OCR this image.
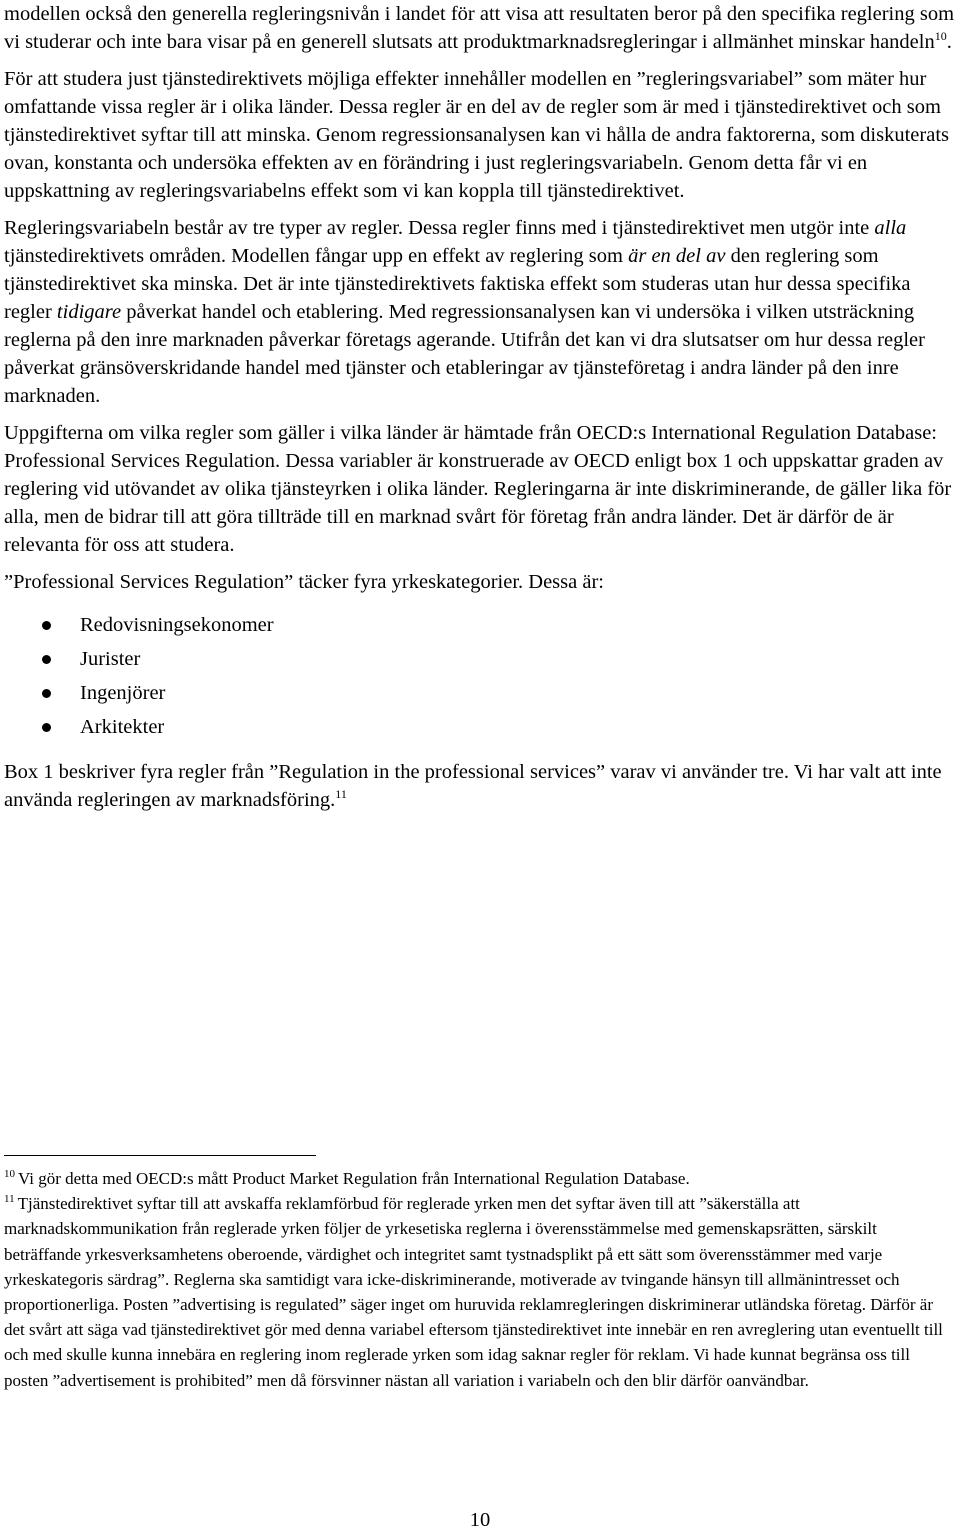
modellen också den generella regleringsnivån i landet för att visa att resultaten beror på den specifika reglering som vi studerar och inte bara visar på en generell slutsats att produktmarknadsregleringar i allmänhet minskar handeln$^{10}$.

För att studera just tjänstedirektivets möjliga effekter innehåller modellen en ”regleringsvariabel” som mäter hur omfattande vissa regler är i olika länder. Dessa regler är en del av de regler som är med i tjänstedirektivet och som tjänstedirektivet syftar till att minska. Genom regressionsanalysen kan vi hålla de andra faktorerna, som diskuterats ovan, konstanta och undersöka effekten av en förändring i just regleringsvariabeln. Genom detta får vi en uppskattning av regleringsvariabelns effekt som vi kan koppla till tjänstedirektivet.

Regleringsvariabeln består av tre typer av regler. Dessa regler finns med i tjänstedirektivet men utgör inte alla tjänstedirektivets områden. Modellen fångar upp en effekt av reglering som är en del av den reglering som tjänstedirektivet ska minska. Det är inte tjänstedirektivets faktiska effekt som studeras utan hur dessa specifika regler tidigare påverkat handel och etablering. Med regressionsanalysen kan vi undersöka i vilken utsträckning reglerna på den inre marknaden påverkar företags agerande. Utifrån det kan vi dra slutsatser om hur dessa regler påverkat gränsöverskridande handel med tjänster och etableringar av tjänsteföretag i andra länder på den inre marknaden.

Uppgifterna om vilka regler som gäller i vilka länder är hämtade från OECD:s International Regulation Database: Professional Services Regulation. Dessa variabler är konstruerade av OECD enligt box 1 och uppskattar graden av reglering vid utövandet av olika tjänsteyrken i olika länder. Regleringarna är inte diskriminerande, de gäller lika för alla, men de bidrar till att göra tillträde till en marknad svårt för företag från andra länder. Det är därför de är relevanta för oss att studera.

”Professional Services Regulation” täcker fyra yrkeskategorier. Dessa är:

Redovisningsekonomer
Jurister
Ingenjörer
Arkitekter

Box 1 beskriver fyra regler från ”Regulation in the professional services” varav vi använder tre. Vi har valt att inte använda regleringen av marknadsföring.$^{11}$

$^{10}$ Vi gör detta med OECD:s mått Product Market Regulation från International Regulation Database.

$^{11}$ Tjänstedirektivet syftar till att avskaffa reklamförbud för reglerade yrken men det syftar även till att ”säkerställa att marknadskommunikation från reglerade yrken följer de yrkesetiska reglerna i överensstämmelse med gemenskapsrätten, särskilt beträffande yrkesverksamhetens oberoende, värdighet och integritet samt tystnadsplikt på ett sätt som överensstämmer med varje yrkeskategoris särdrag”. Reglerna ska samtidigt vara icke-diskriminerande, motiverade av tvingande hänsyn till allmänintresset och proportionerliga. Posten ”advertising is regulated” säger inget om huruvida reklamregleringen diskriminerar utländska företag. Därför är det svårt att säga vad tjänstedirektivet gör med denna variabel eftersom tjänstedirektivet inte innebär en ren avreglering utan eventuellt till och med skulle kunna innebära en reglering inom reglerade yrken som idag saknar regler för reklam. Vi hade kunnat begränsa oss till posten ”advertisement is prohibited” men då försvinner nästan all variation i variabeln och den blir därför oanvändbar.

10
